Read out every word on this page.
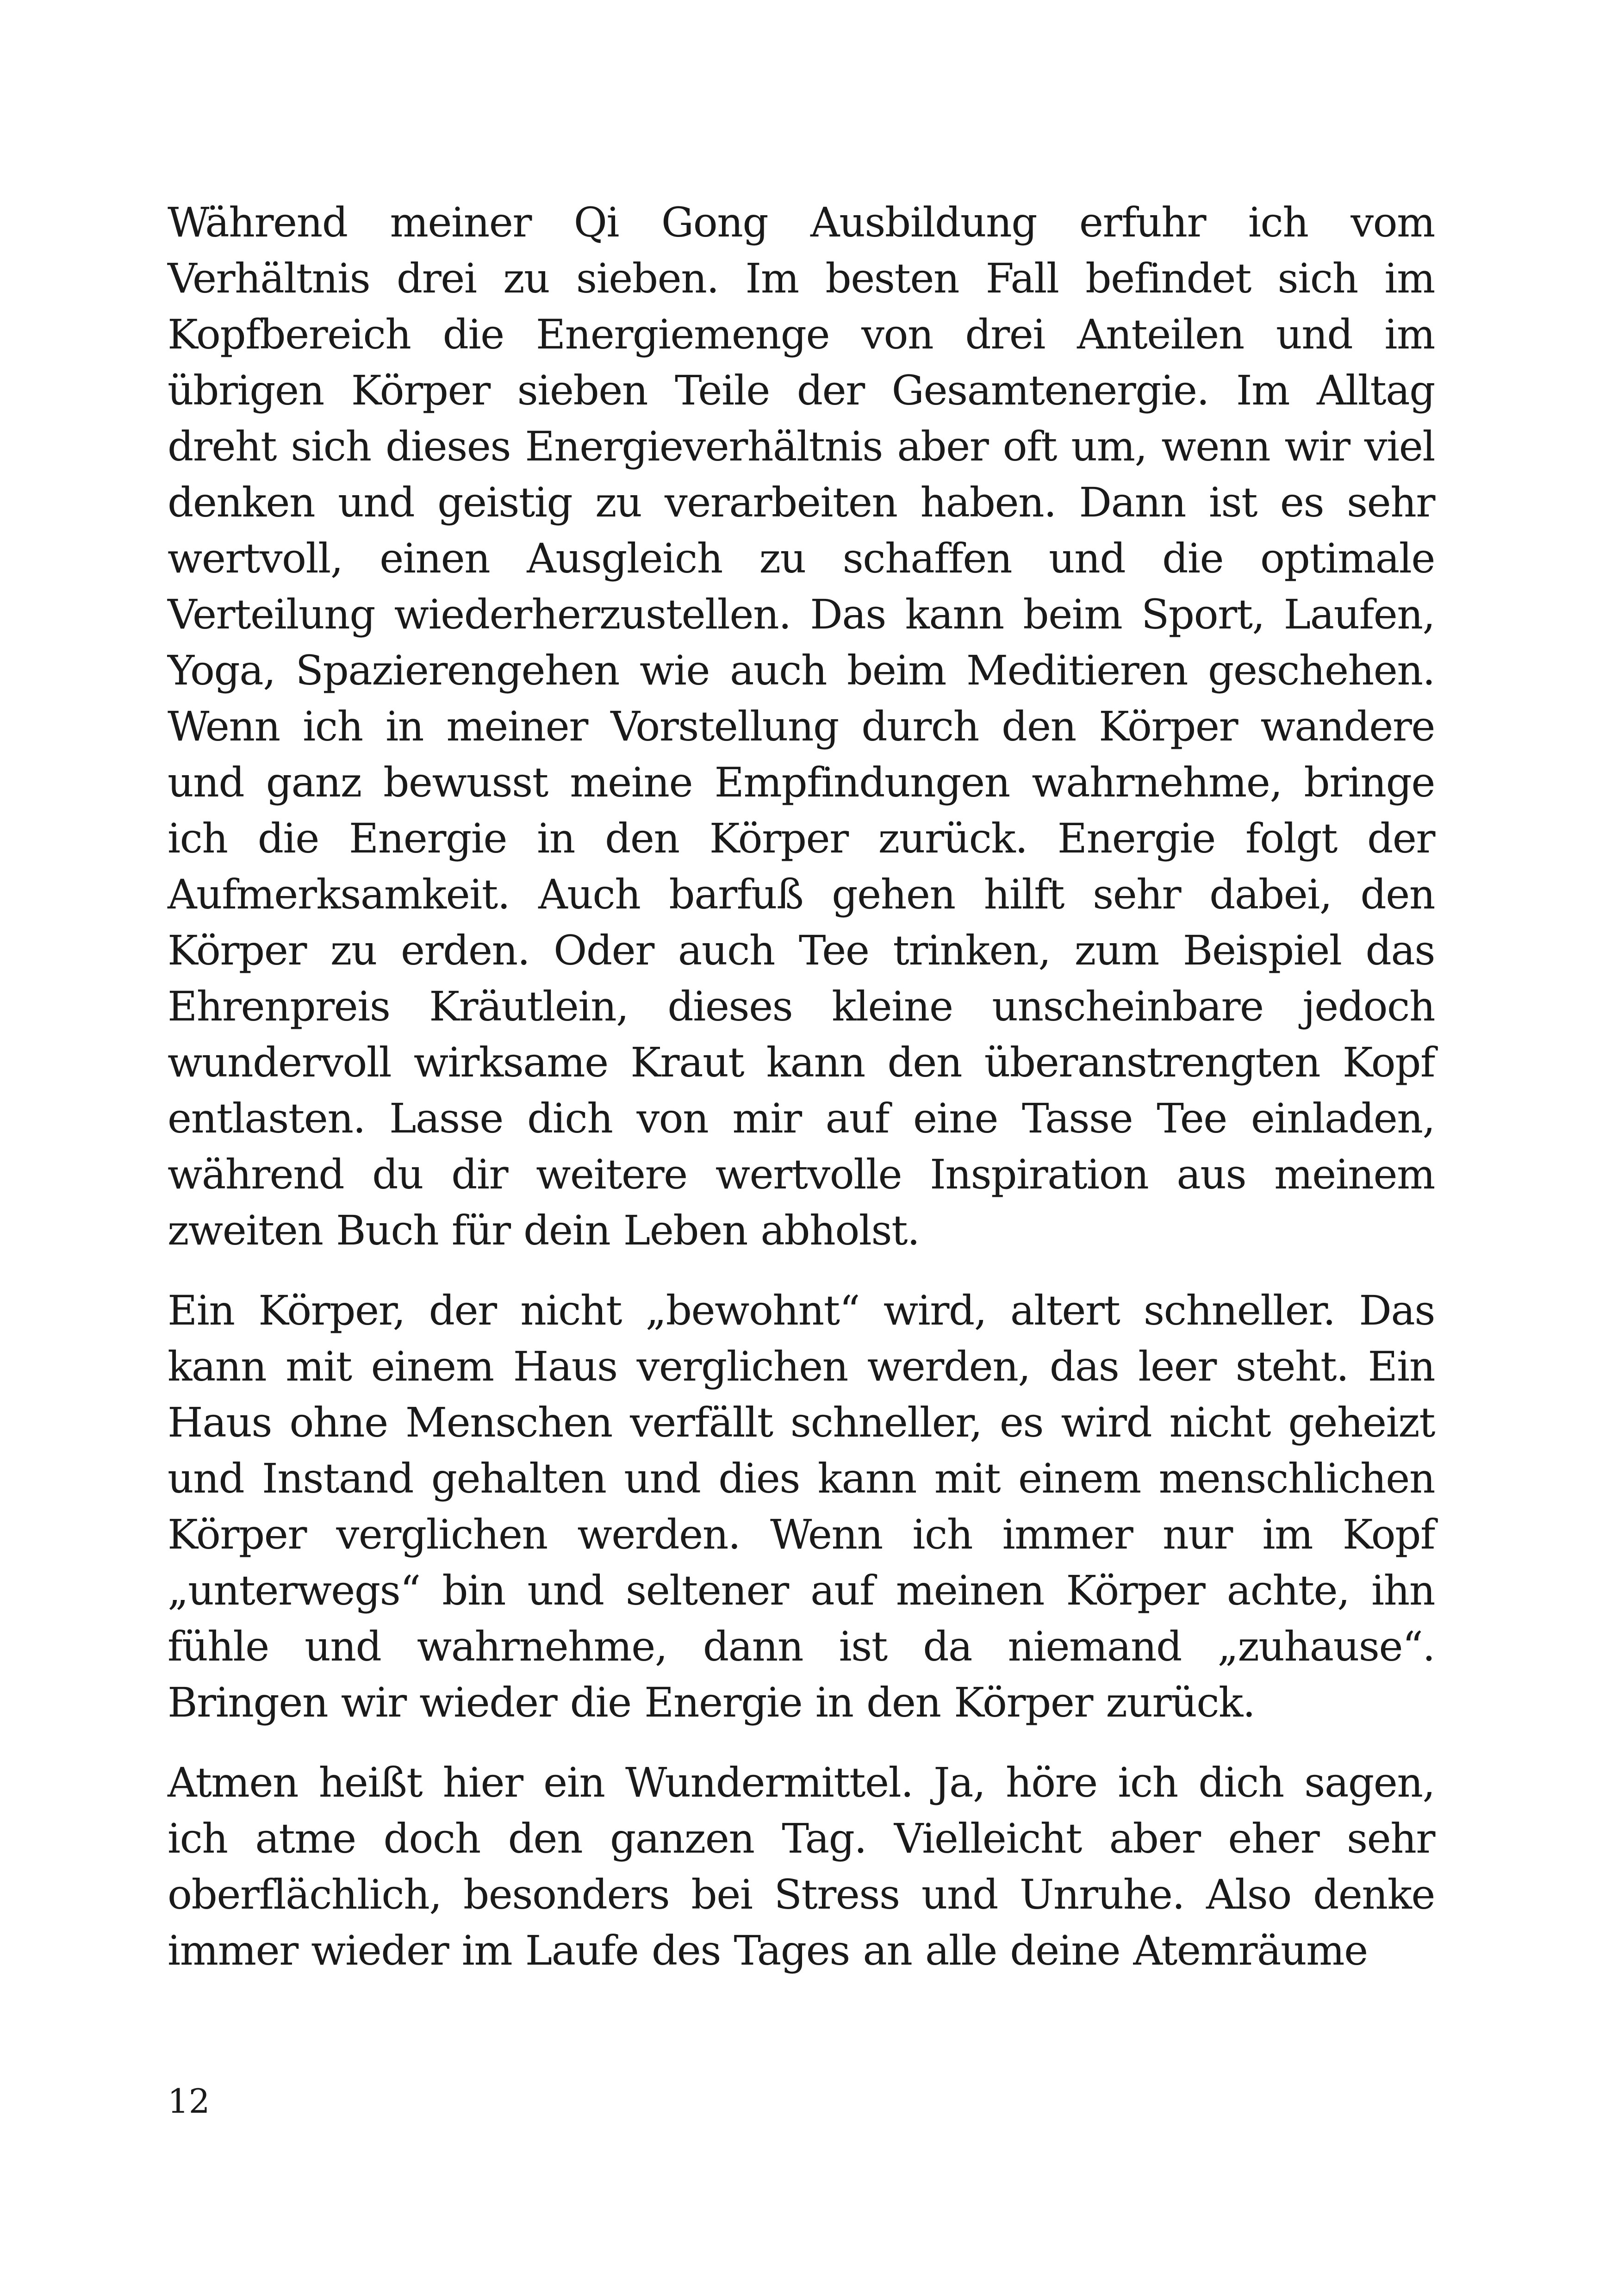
Während meiner Qi Gong Ausbildung erfuhr ich vom Verhältnis drei zu sieben. Im besten Fall befindet sich im Kopfbereich die Energiemenge von drei Anteilen und im übrigen Körper sieben Teile der Gesamtenergie. Im Alltag dreht sich dieses Energieverhältnis aber oft um, wenn wir viel denken und geistig zu verarbeiten haben. Dann ist es sehr wertvoll, einen Ausgleich zu schaffen und die optimale Verteilung wiederherzustellen. Das kann beim Sport, Laufen, Yoga, Spazierengehen wie auch beim Meditieren geschehen. Wenn ich in meiner Vorstellung durch den Körper wandere und ganz bewusst meine Empfindungen wahrnehme, bringe ich die Energie in den Körper zurück. Energie folgt der Aufmerksamkeit. Auch barfuß gehen hilft sehr dabei, den Körper zu erden. Oder auch Tee trinken, zum Beispiel das Ehrenpreis Kräutlein, dieses kleine unscheinbare jedoch wundervoll wirksame Kraut kann den überanstrengten Kopf entlasten. Lasse dich von mir auf eine Tasse Tee einladen, während du dir weitere wertvolle Inspiration aus meinem zweiten Buch für dein Leben abholst.

Ein Körper, der nicht „bewohnt“ wird, altert schneller. Das kann mit einem Haus verglichen werden, das leer steht. Ein Haus ohne Menschen verfällt schneller, es wird nicht geheizt und Instand gehalten und dies kann mit einem menschlichen Körper verglichen werden. Wenn ich immer nur im Kopf „unterwegs“ bin und seltener auf meinen Körper achte, ihn fühle und wahrnehme, dann ist da niemand „zuhause“. Bringen wir wieder die Energie in den Körper zurück.

Atmen heißt hier ein Wundermittel. Ja, höre ich dich sagen, ich atme doch den ganzen Tag. Vielleicht aber eher sehr oberflächlich, besonders bei Stress und Unruhe. Also denke immer wieder im Laufe des Tages an alle deine Atemräume

12
